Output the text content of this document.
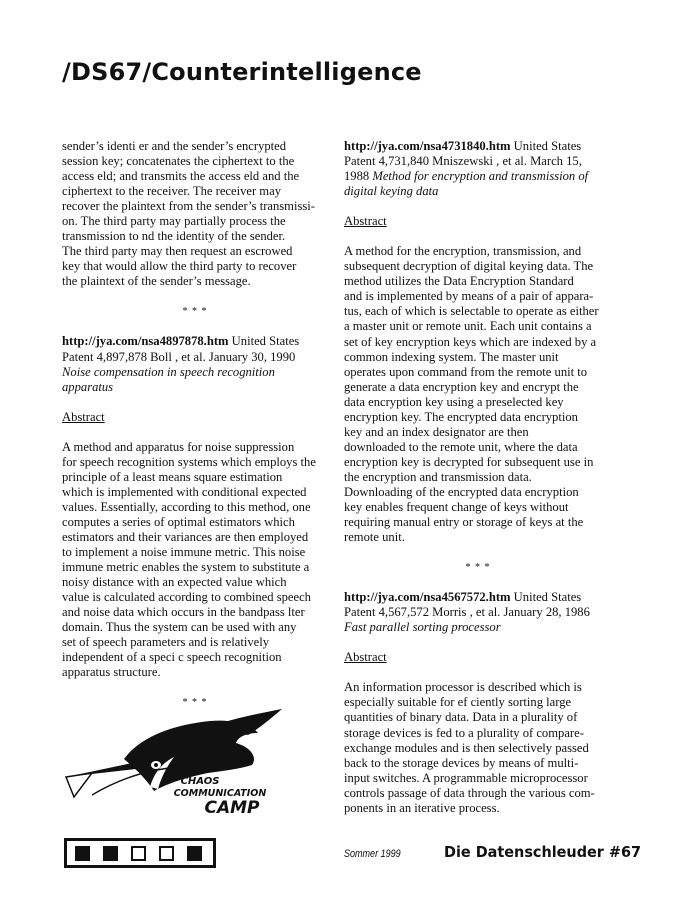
/DS67/Counterintelligence

sender’s identi er and the sender’s encrypted

session key; concatenates the ciphertext to the

access eld; and transmits the access eld and the

ciphertext to the receiver. The receiver may

recover the plaintext from the sender’s transmissi-

on. The third party may partially process the

transmission to nd the identity of the sender.

The third party may then request an escrowed

key that would allow the third party to recover

the plaintext of the sender’s message.

* * *

http://jya.com/nsa4897878.htm United States

Patent 4,897,878 Boll , et al. January 30, 1990

Noise compensation in speech recognition apparatus

Abstract

A method and apparatus for noise suppression

for speech recognition systems which employs the

principle of a least means square estimation

which is implemented with conditional expected

values. Essentially, according to this method, one

computes a series of optimal estimators which

estimators and their variances are then employed

to implement a noise immune metric. This noise

immune metric enables the system to substitute a

noisy distance with an expected value which

value is calculated according to combined speech

and noise data which occurs in the bandpass lter

domain. Thus the system can be used with any

set of speech parameters and is relatively

independent of a speci c speech recognition

apparatus structure.

* * *

http://jya.com/nsa4731840.htm United States

Patent 4,731,840 Mniszewski , et al. March 15,

1988 Method for encryption and transmission of

digital keying data

Abstract

A method for the encryption, transmission, and

subsequent decryption of digital keying data. The

method utilizes the Data Encryption Standard

and is implemented by means of a pair of appara-

tus, each of which is selectable to operate as either

a master unit or remote unit. Each unit contains a

set of key encryption keys which are indexed by a

common indexing system. The master unit

operates upon command from the remote unit to

generate a data encryption key and encrypt the

data encryption key using a preselected key

encryption key. The encrypted data encryption

key and an index designator are then

downloaded to the remote unit, where the data

encryption key is decrypted for subsequent use in

the encryption and transmission data.

Downloading of the encrypted data encryption

key enables frequent change of keys without

requiring manual entry or storage of keys at the

remote unit.

* * *

http://jya.com/nsa4567572.htm United States

Patent 4,567,572 Morris , et al. January 28, 1986

Fast parallel sorting processor

Abstract

An information processor is described which is

especially suitable for ef ciently sorting large

quantities of binary data. Data in a plurality of

storage devices is fed to a plurality of compare-

exchange modules and is then selectively passed

back to the storage devices by means of multi-

input switches. A programmable microprocessor

controls passage of data through the various com-

ponents in an iterative process.

CHAOS
COMMUNICATION
CAMP
Sommer 1999	Die Datenschleuder #67
